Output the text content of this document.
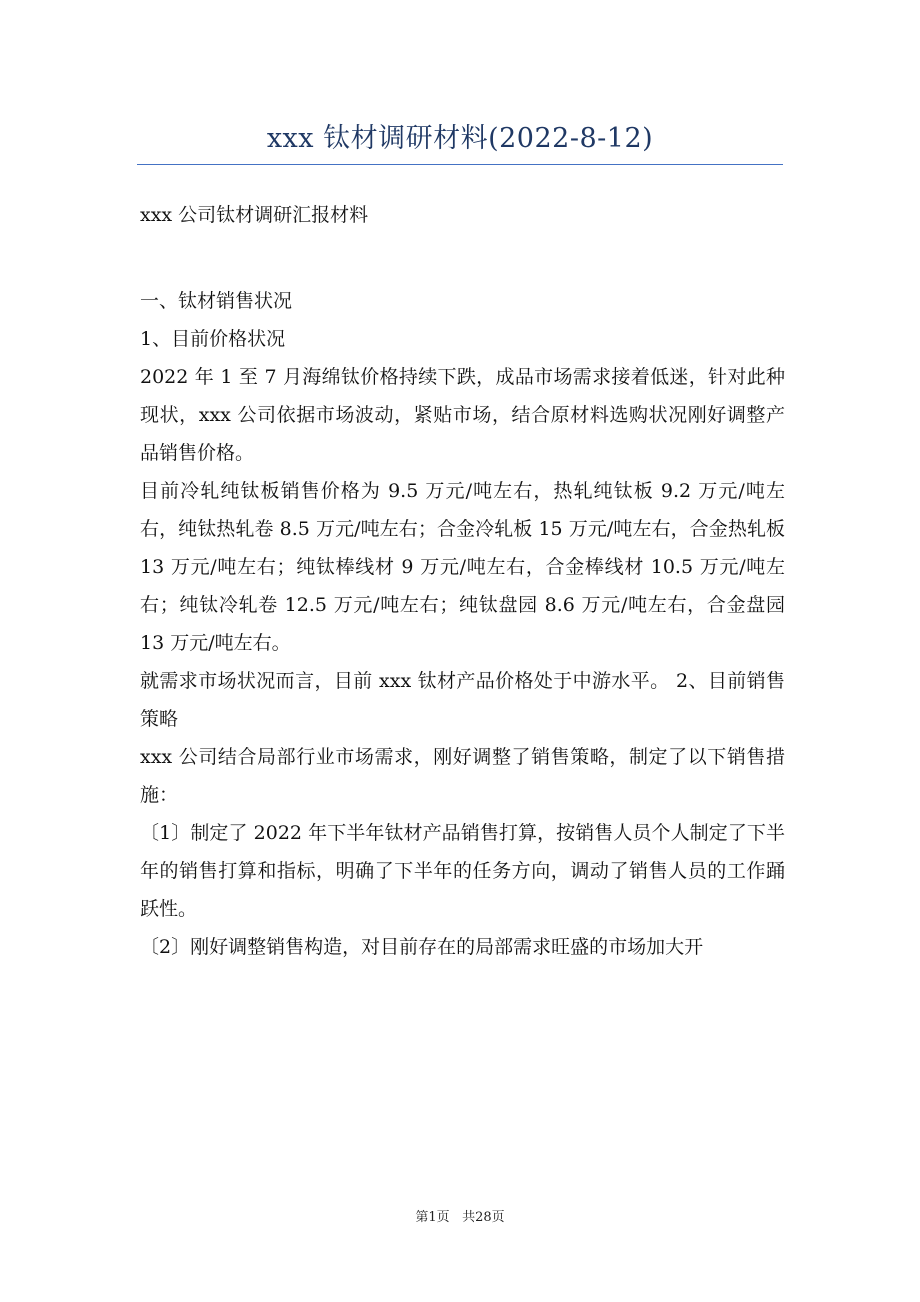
xxx 钛材调研材料(2022-8-12)

xxx 公司钛材调研汇报材料

一、钛材销售状况

1、目前价格状况

2022 年 1 至 7 月海绵钛价格持续下跌，成品市场需求接着低迷，针对此种现状，xxx 公司依据市场波动，紧贴市场，结合原材料选购状况刚好调整产品销售价格。

目前冷轧纯钛板销售价格为 9.5 万元/吨左右，热轧纯钛板 9.2 万元/吨左右，纯钛热轧卷 8.5 万元/吨左右；合金冷轧板 15 万元/吨左右，合金热轧板 13 万元/吨左右；纯钛棒线材 9 万元/吨左右，合金棒线材 10.5 万元/吨左右；纯钛冷轧卷 12.5 万元/吨左右；纯钛盘园 8.6 万元/吨左右，合金盘园 13 万元/吨左右。

就需求市场状况而言，目前 xxx 钛材产品价格处于中游水平。 2、目前销售策略

xxx 公司结合局部行业市场需求，刚好调整了销售策略，制定了以下销售措施：

〔1〕制定了 2022 年下半年钛材产品销售打算，按销售人员个人制定了下半年的销售打算和指标，明确了下半年的任务方向，调动了销售人员的工作踊跃性。

〔2〕刚好调整销售构造，对目前存在的局部需求旺盛的市场加大开

第1页 共28页
